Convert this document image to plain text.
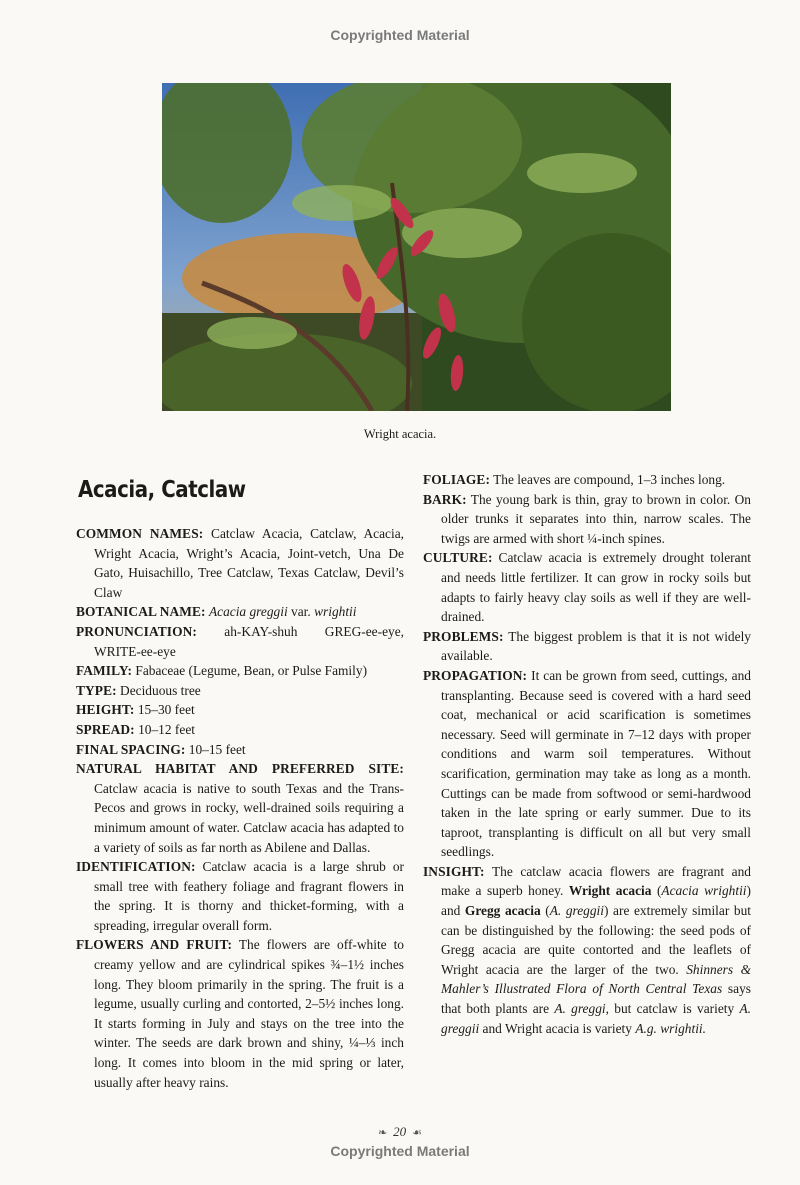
Copyrighted Material
Wright acacia.
Acacia, Catclaw

COMMON NAMES: Catclaw Acacia, Catclaw, Acacia, Wright Acacia, Wright’s Acacia, Joint-vetch, Una De Gato, Huisachillo, Tree Catclaw, Texas Catclaw, Devil’s Claw

BOTANICAL NAME: Acacia greggii var. wrightii

PRONUNCIATION: ah-KAY-shuh GREG-ee-eye, WRITE-ee-eye

FAMILY: Fabaceae (Legume, Bean, or Pulse Family)

TYPE: Deciduous tree

HEIGHT: 15–30 feet

SPREAD: 10–12 feet

FINAL SPACING: 10–15 feet

NATURAL HABITAT AND PREFERRED SITE: Catclaw acacia is native to south Texas and the Trans-Pecos and grows in rocky, well-drained soils requiring a minimum amount of water. Catclaw acacia has adapted to a variety of soils as far north as Abilene and Dallas.

IDENTIFICATION: Catclaw acacia is a large shrub or small tree with feathery foliage and fragrant flowers in the spring. It is thorny and thicket-forming, with a spreading, irregular overall form.

FLOWERS AND FRUIT: The flowers are off-white to creamy yellow and are cylindrical spikes ¾–1½ inches long. They bloom primarily in the spring. The fruit is a legume, usually curling and contorted, 2–5½ inches long. It starts forming in July and stays on the tree into the winter. The seeds are dark brown and shiny, ¼–⅓ inch long. It comes into bloom in the mid spring or later, usually after heavy rains.

FOLIAGE: The leaves are compound, 1–3 inches long.

BARK: The young bark is thin, gray to brown in color. On older trunks it separates into thin, narrow scales. The twigs are armed with short ¼-inch spines.

CULTURE: Catclaw acacia is extremely drought tolerant and needs little fertilizer. It can grow in rocky soils but adapts to fairly heavy clay soils as well if they are well-drained.

PROBLEMS: The biggest problem is that it is not widely available.

PROPAGATION: It can be grown from seed, cuttings, and transplanting. Because seed is covered with a hard seed coat, mechanical or acid scarification is sometimes necessary. Seed will germinate in 7–12 days with proper conditions and warm soil temperatures. Without scarification, germination may take as long as a month. Cuttings can be made from softwood or semi-hardwood taken in the late spring or early summer. Due to its taproot, transplanting is difficult on all but very small seedlings.

INSIGHT: The catclaw acacia flowers are fragrant and make a superb honey. Wright acacia (Acacia wrightii) and Gregg acacia (A. greggii) are extremely similar but can be distinguished by the following: the seed pods of Gregg acacia are quite contorted and the leaflets of Wright acacia are the larger of the two. Shinners & Mahler’s Illustrated Flora of North Central Texas says that both plants are A. greggi, but catclaw is variety A. greggii and Wright acacia is variety A.g. wrightii.

❧ 20 ☙
Copyrighted Material
